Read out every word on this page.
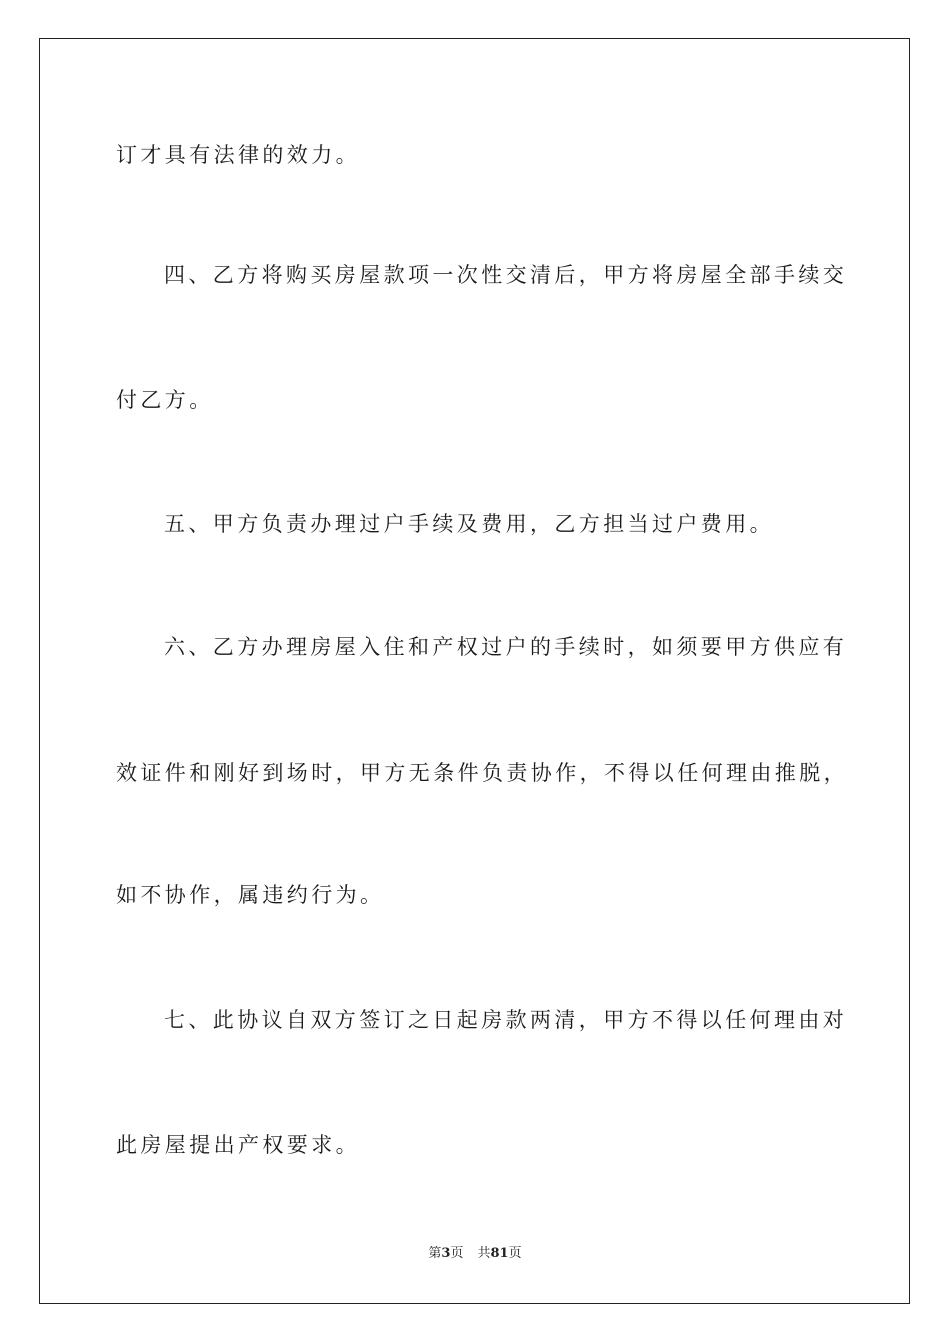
订才具有法律的效力。
四、乙方将购买房屋款项一次性交清后，甲方将房屋全部手续交
付乙方。
五、甲方负责办理过户手续及费用，乙方担当过户费用。
六、乙方办理房屋入住和产权过户的手续时，如须要甲方供应有
效证件和刚好到场时，甲方无条件负责协作，不得以任何理由推脱，
如不协作，属违约行为。
七、此协议自双方签订之日起房款两清，甲方不得以任何理由对
此房屋提出产权要求。
第3页 共81页
